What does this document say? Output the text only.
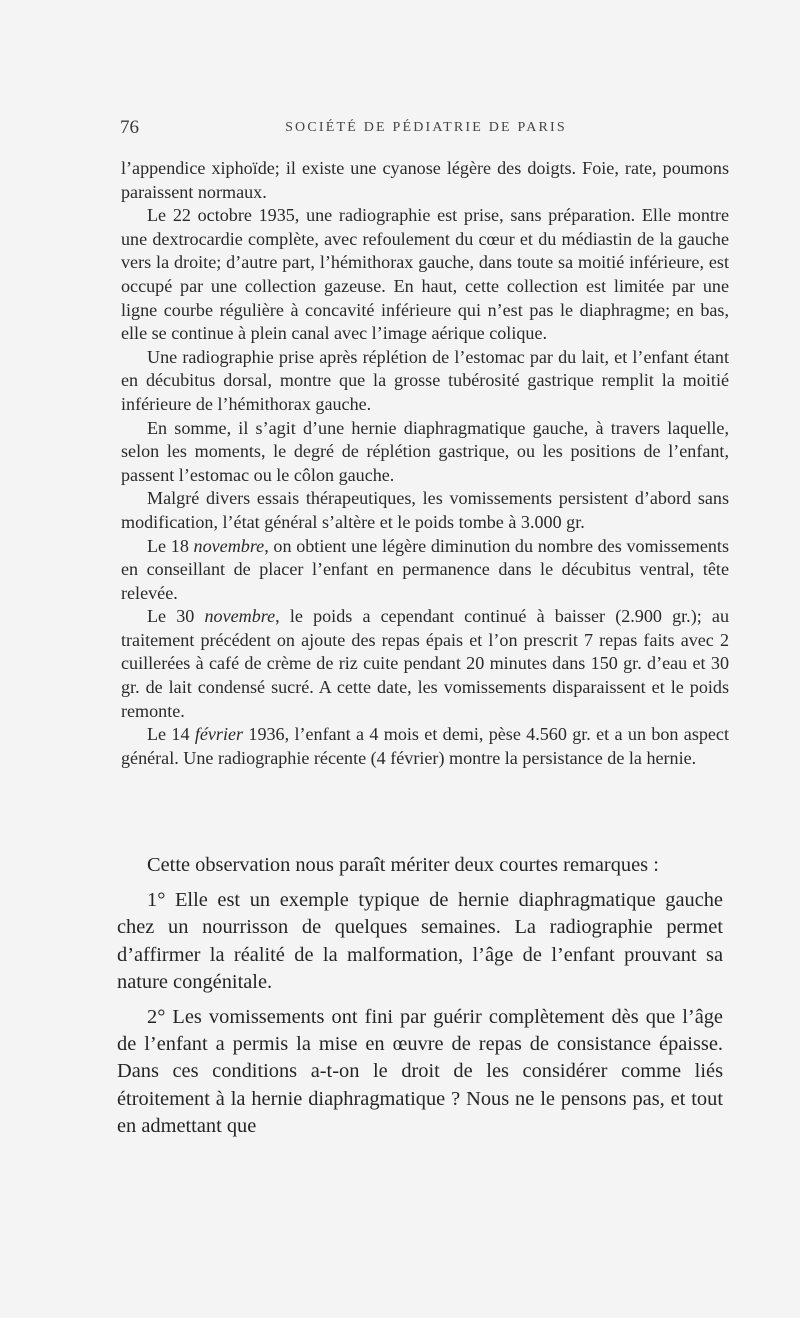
76	SOCIÉTÉ DE PÉDIATRIE DE PARIS

l’appendice xiphoïde; il existe une cyanose légère des doigts. Foie, rate, poumons paraissent normaux.

Le 22 octobre 1935, une radiographie est prise, sans préparation. Elle montre une dextrocardie complète, avec refoulement du cœur et du médiastin de la gauche vers la droite; d’autre part, l’hémithorax gauche, dans toute sa moitié inférieure, est occupé par une collection gazeuse. En haut, cette collection est limitée par une ligne courbe régulière à concavité inférieure qui n’est pas le diaphragme; en bas, elle se continue à plein canal avec l’image aérique colique.

Une radiographie prise après réplétion de l’estomac par du lait, et l’enfant étant en décubitus dorsal, montre que la grosse tubérosité gastrique remplit la moitié inférieure de l’hémithorax gauche.

En somme, il s’agit d’une hernie diaphragmatique gauche, à travers laquelle, selon les moments, le degré de réplétion gastrique, ou les positions de l’enfant, passent l’estomac ou le côlon gauche.

Malgré divers essais thérapeutiques, les vomissements persistent d’abord sans modification, l’état général s’altère et le poids tombe à 3.000 gr.

Le 18 novembre, on obtient une légère diminution du nombre des vomissements en conseillant de placer l’enfant en permanence dans le décubitus ventral, tête relevée.

Le 30 novembre, le poids a cependant continué à baisser (2.900 gr.); au traitement précédent on ajoute des repas épais et l’on prescrit 7 repas faits avec 2 cuillerées à café de crème de riz cuite pendant 20 minutes dans 150 gr. d’eau et 30 gr. de lait condensé sucré. A cette date, les vomissements disparaissent et le poids remonte.

Le 14 février 1936, l’enfant a 4 mois et demi, pèse 4.560 gr. et a un bon aspect général. Une radiographie récente (4 février) montre la persistance de la hernie.

Cette observation nous paraît mériter deux courtes remarques :

1° Elle est un exemple typique de hernie diaphragmatique gauche chez un nourrisson de quelques semaines. La radiographie permet d’affirmer la réalité de la malformation, l’âge de l’enfant prouvant sa nature congénitale.

2° Les vomissements ont fini par guérir complètement dès que l’âge de l’enfant a permis la mise en œuvre de repas de consistance épaisse. Dans ces conditions a-t-on le droit de les considérer comme liés étroitement à la hernie diaphragmatique ? Nous ne le pensons pas, et tout en admettant que
